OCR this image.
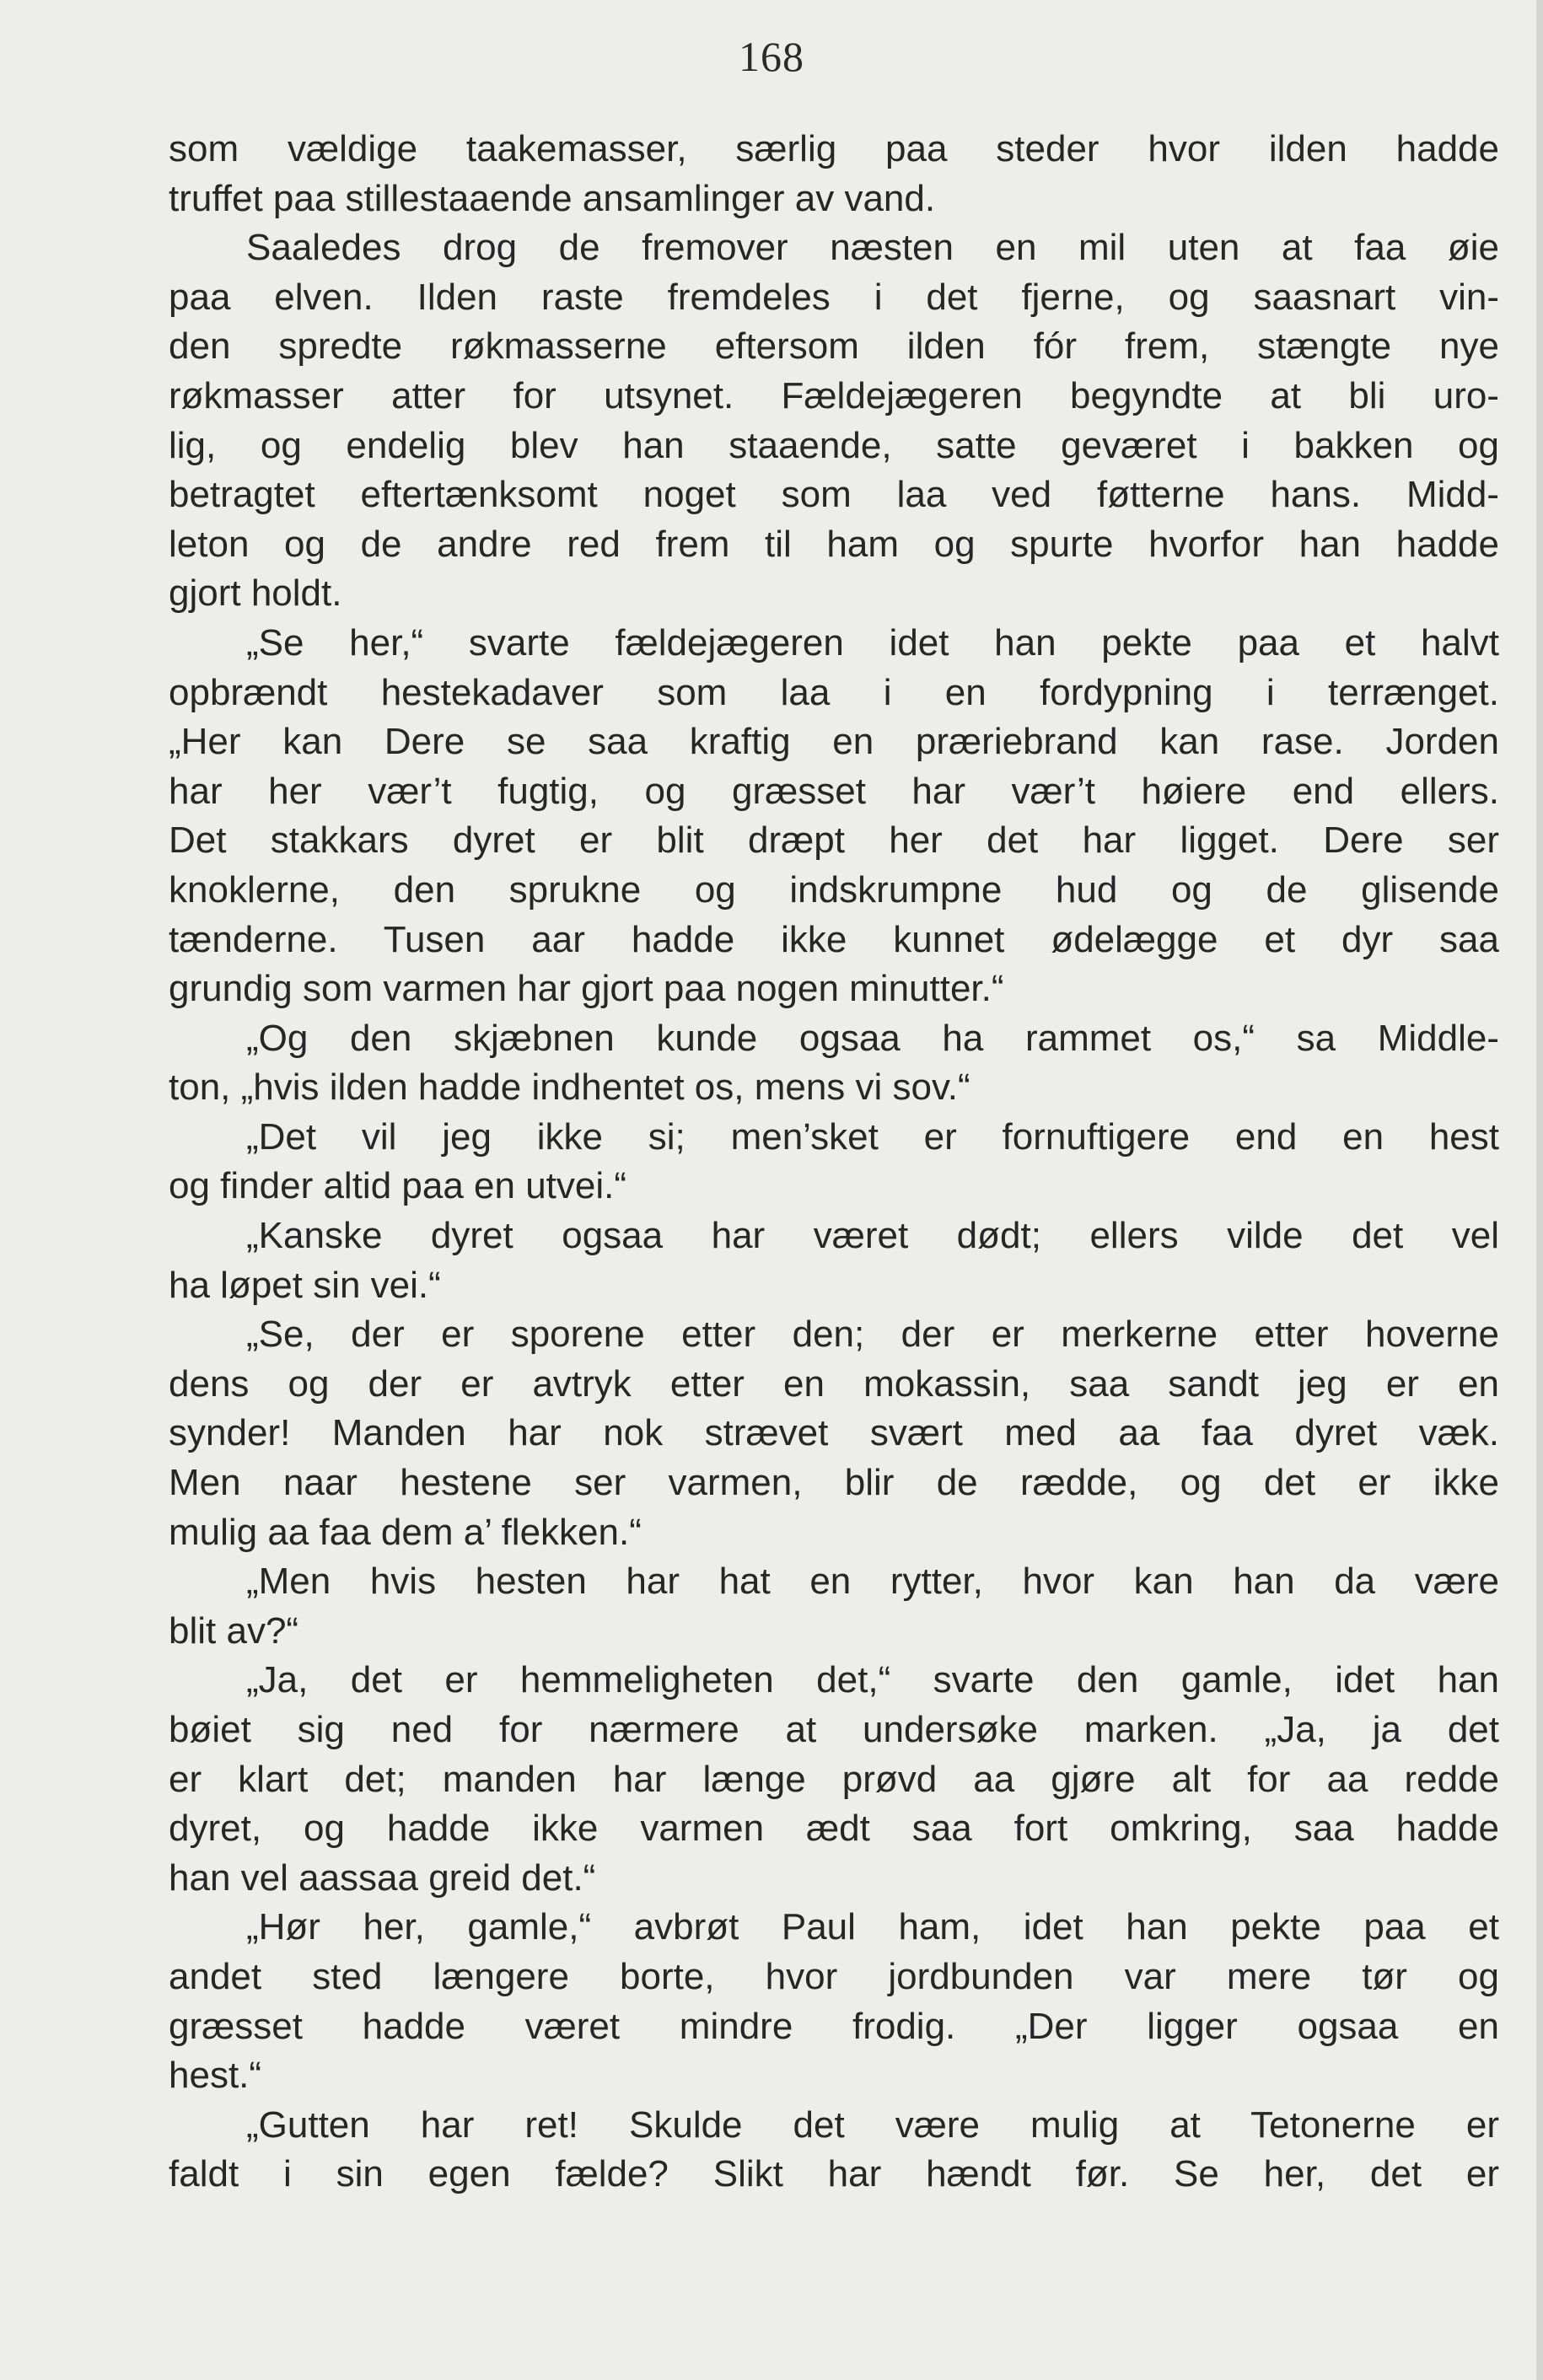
168
som vældige taakemasser, særlig paa steder hvor ilden hadde
truffet paa stillestaaende ansamlinger av vand.
Saaledes drog de fremover næsten en mil uten at faa øie
paa elven. Ilden raste fremdeles i det fjerne, og saasnart vin-
den spredte røkmasserne eftersom ilden fór frem, stængte nye
røkmasser atter for utsynet. Fældejægeren begyndte at bli uro-
lig, og endelig blev han staaende, satte geværet i bakken og
betragtet eftertænksomt noget som laa ved føtterne hans. Midd-
leton og de andre red frem til ham og spurte hvorfor han hadde
gjort holdt.
„Se her,“ svarte fældejægeren idet han pekte paa et halvt
opbrændt hestekadaver som laa i en fordypning i terrænget.
„Her kan Dere se saa kraftig en præriebrand kan rase. Jorden
har her vær’t fugtig, og græsset har vær’t høiere end ellers.
Det stakkars dyret er blit dræpt her det har ligget. Dere ser
knoklerne, den sprukne og indskrumpne hud og de glisende
tænderne. Tusen aar hadde ikke kunnet ødelægge et dyr saa
grundig som varmen har gjort paa nogen minutter.“
„Og den skjæbnen kunde ogsaa ha rammet os,“ sa Middle-
ton, „hvis ilden hadde indhentet os, mens vi sov.“
„Det vil jeg ikke si; men’sket er fornuftigere end en hest
og finder altid paa en utvei.“
„Kanske dyret ogsaa har været dødt; ellers vilde det vel
ha løpet sin vei.“
„Se, der er sporene etter den; der er merkerne etter hoverne
dens og der er avtryk etter en mokassin, saa sandt jeg er en
synder! Manden har nok strævet svært med aa faa dyret væk.
Men naar hestene ser varmen, blir de rædde, og det er ikke
mulig aa faa dem a’ flekken.“
„Men hvis hesten har hat en rytter, hvor kan han da være
blit av?“
„Ja, det er hemmeligheten det,“ svarte den gamle, idet han
bøiet sig ned for nærmere at undersøke marken. „Ja, ja det
er klart det; manden har længe prøvd aa gjøre alt for aa redde
dyret, og hadde ikke varmen ædt saa fort omkring, saa hadde
han vel aassaa greid det.“
„Hør her, gamle,“ avbrøt Paul ham, idet han pekte paa et
andet sted længere borte, hvor jordbunden var mere tør og
græsset hadde været mindre frodig. „Der ligger ogsaa en
hest.“
„Gutten har ret! Skulde det være mulig at Tetonerne er
faldt i sin egen fælde? Slikt har hændt før. Se her, det er
